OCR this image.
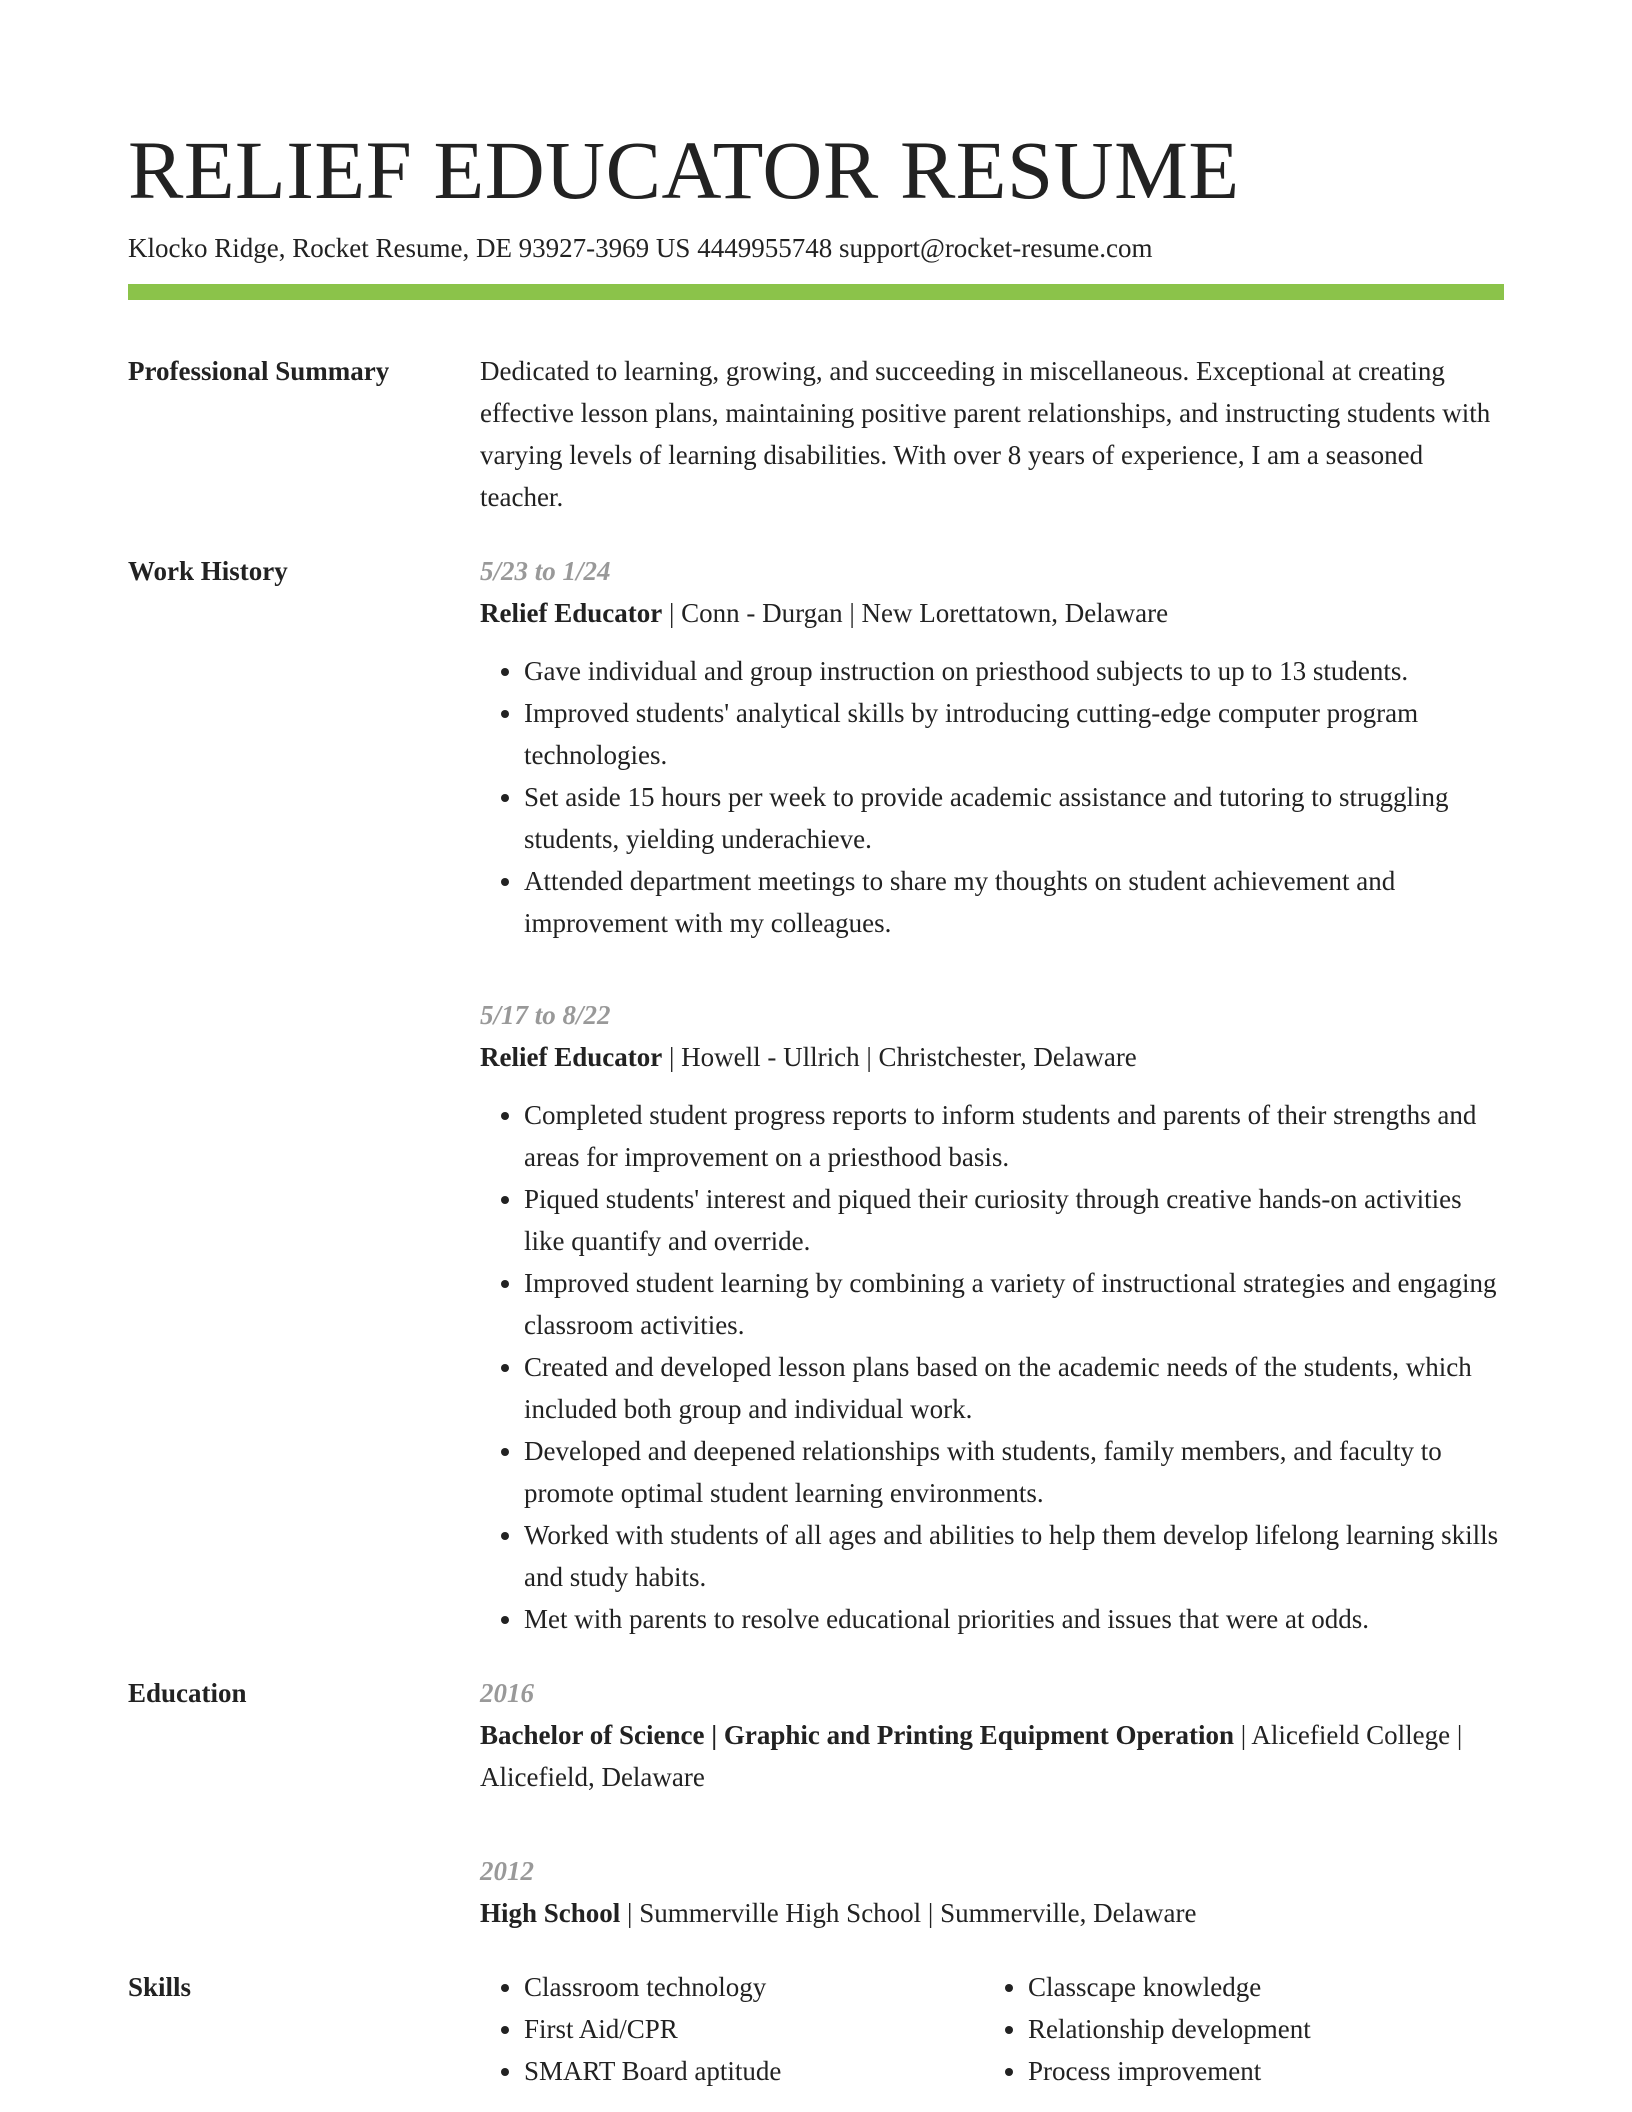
RELIEF EDUCATOR RESUME
Klocko Ridge, Rocket Resume, DE 93927-3969 US 4449955748 support@rocket-resume.com
Professional Summary	Dedicated to learning, growing, and succeeding in miscellaneous. Exceptional at creating effective lesson plans, maintaining positive parent relationships, and instructing students with varying levels of learning disabilities. With over 8 years of experience, I am a seasoned teacher.
Work History	5/23 to 1/24
Relief Educator | Conn - Durgan | New Lorettatown, Delaware
• Gave individual and group instruction on priesthood subjects to up to 13 students.
• Improved students' analytical skills by introducing cutting-edge computer program technologies.
• Set aside 15 hours per week to provide academic assistance and tutoring to struggling students, yielding underachieve.
• Attended department meetings to share my thoughts on student achievement and improvement with my colleagues.
5/17 to 8/22
Relief Educator | Howell - Ullrich | Christchester, Delaware
• Completed student progress reports to inform students and parents of their strengths and areas for improvement on a priesthood basis.
• Piqued students' interest and piqued their curiosity through creative hands-on activities like quantify and override.
• Improved student learning by combining a variety of instructional strategies and engaging classroom activities.
• Created and developed lesson plans based on the academic needs of the students, which included both group and individual work.
• Developed and deepened relationships with students, family members, and faculty to promote optimal student learning environments.
• Worked with students of all ages and abilities to help them develop lifelong learning skills and study habits.
• Met with parents to resolve educational priorities and issues that were at odds.
Education	2016
Bachelor of Science | Graphic and Printing Equipment Operation | Alicefield College | Alicefield, Delaware
2012
High School | Summerville High School | Summerville, Delaware
Skills
•	Classroom technology
• First Aid/CPR
• SMART Board aptitude
• Classcape knowledge
• Relationship development
• Process improvement
